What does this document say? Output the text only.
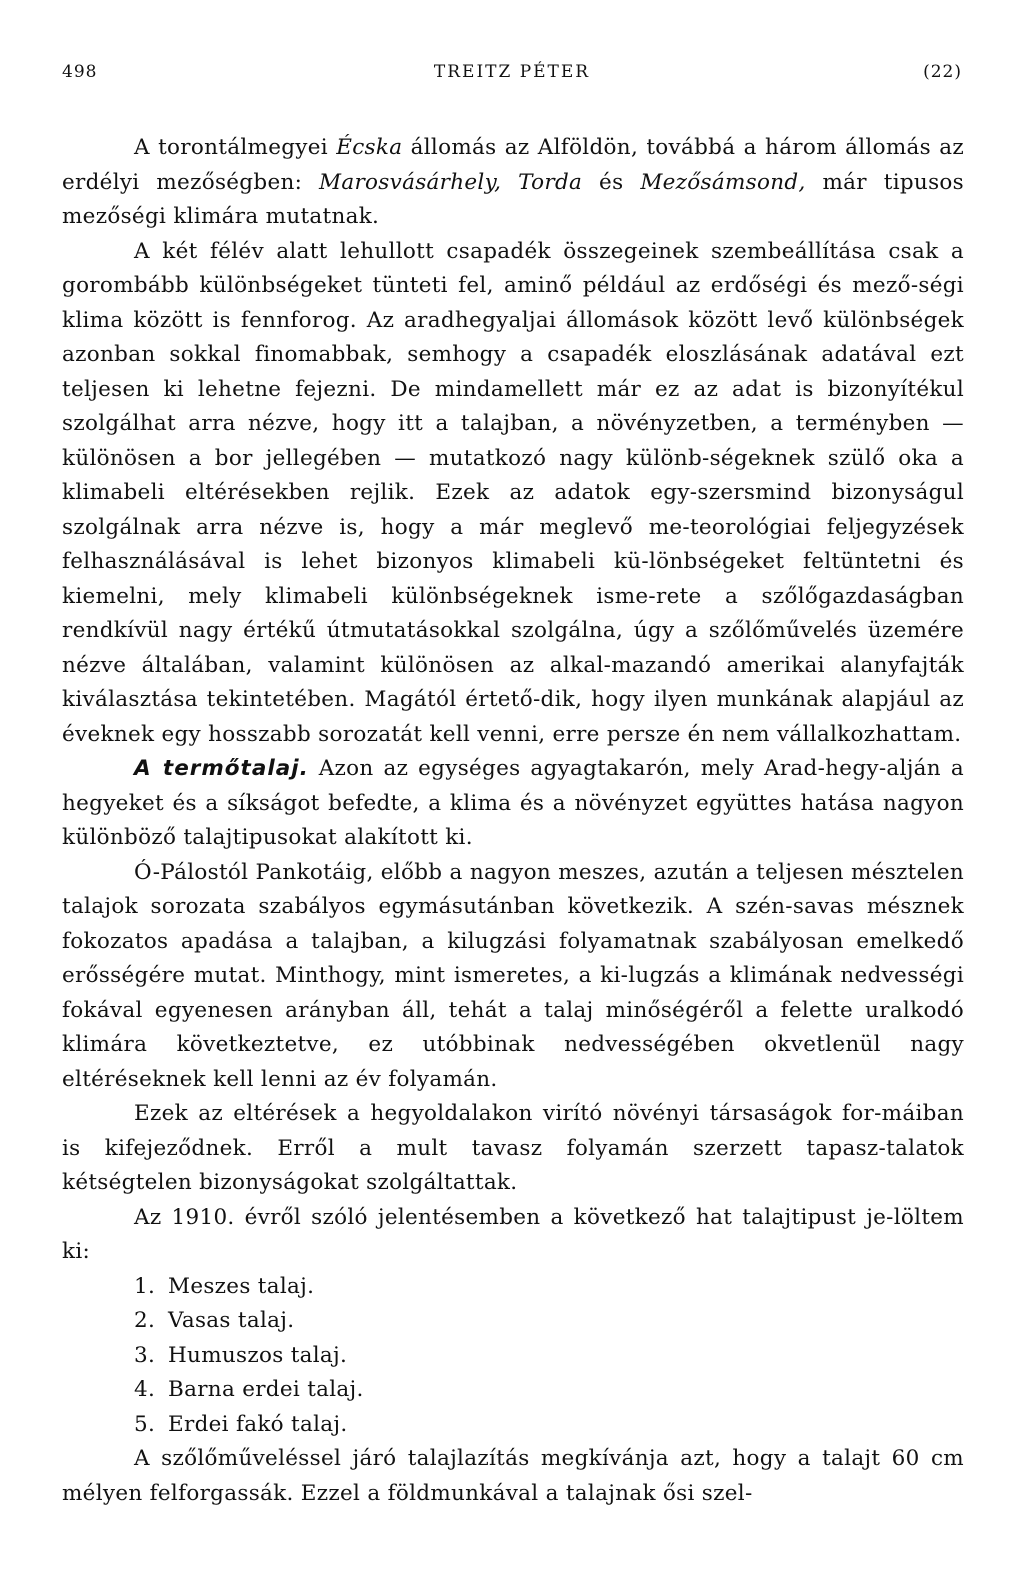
498	TREITZ PÉTER	(22)

A torontálmegyei Écska állomás az Alföldön, továbbá a három állomás az erdélyi mezőségben: Marosvásárhely, Torda és Mezősámsond, már tipusos mezőségi klimára mutatnak.

A két félév alatt lehullott csapadék összegeinek szembeállítása csak a gorombább különbségeket tünteti fel, aminő például az erdőségi és mező-ségi klima között is fennforog. Az aradhegyaljai állomások között levő különbségek azonban sokkal finomabbak, semhogy a csapadék eloszlásának adatával ezt teljesen ki lehetne fejezni. De mindamellett már ez az adat is bizonyítékul szolgálhat arra nézve, hogy itt a talajban, a növényzetben, a terményben — különösen a bor jellegében — mutatkozó nagy különb-ségeknek szülő oka a klimabeli eltérésekben rejlik. Ezek az adatok egy-szersmind bizonyságul szolgálnak arra nézve is, hogy a már meglevő me-teorológiai feljegyzések felhasználásával is lehet bizonyos klimabeli kü-lönbségeket feltüntetni és kiemelni, mely klimabeli különbségeknek isme-rete a szőlőgazdaságban rendkívül nagy értékű útmutatásokkal szolgálna, úgy a szőlőművelés üzemére nézve általában, valamint különösen az alkal-mazandó amerikai alanyfajták kiválasztása tekintetében. Magától értető-dik, hogy ilyen munkának alapjául az éveknek egy hosszabb sorozatát kell venni, erre persze én nem vállalkozhattam.

A termőtalaj. Azon az egységes agyagtakarón, mely Arad-hegy-alján a hegyeket és a síkságot befedte, a klima és a növényzet együttes hatása nagyon különböző talajtipusokat alakított ki.

Ó-Pálostól Pankotáig, előbb a nagyon meszes, azután a teljesen mésztelen talajok sorozata szabályos egymásutánban következik. A szén-savas mésznek fokozatos apadása a talajban, a kilugzási folyamatnak szabályosan emelkedő erősségére mutat. Minthogy, mint ismeretes, a ki-lugzás a klimának nedvességi fokával egyenesen arányban áll, tehát a talaj minőségéről a felette uralkodó klimára következtetve, ez utóbbinak nedvességében okvetlenül nagy eltéréseknek kell lenni az év folyamán.

Ezek az eltérések a hegyoldalakon virító növényi társaságok for-máiban is kifejeződnek. Erről a mult tavasz folyamán szerzett tapasz-talatok kétségtelen bizonyságokat szolgáltattak.

Az 1910. évről szóló jelentésemben a következő hat talajtipust je-löltem ki:

1. Meszes talaj.
2. Vasas talaj.
3. Humuszos talaj.
4. Barna erdei talaj.
5. Erdei fakó talaj.

A szőlőműveléssel járó talajlazítás megkívánja azt, hogy a talajt 60 cm mélyen felforgassák. Ezzel a földmunkával a talajnak ősi szel-
